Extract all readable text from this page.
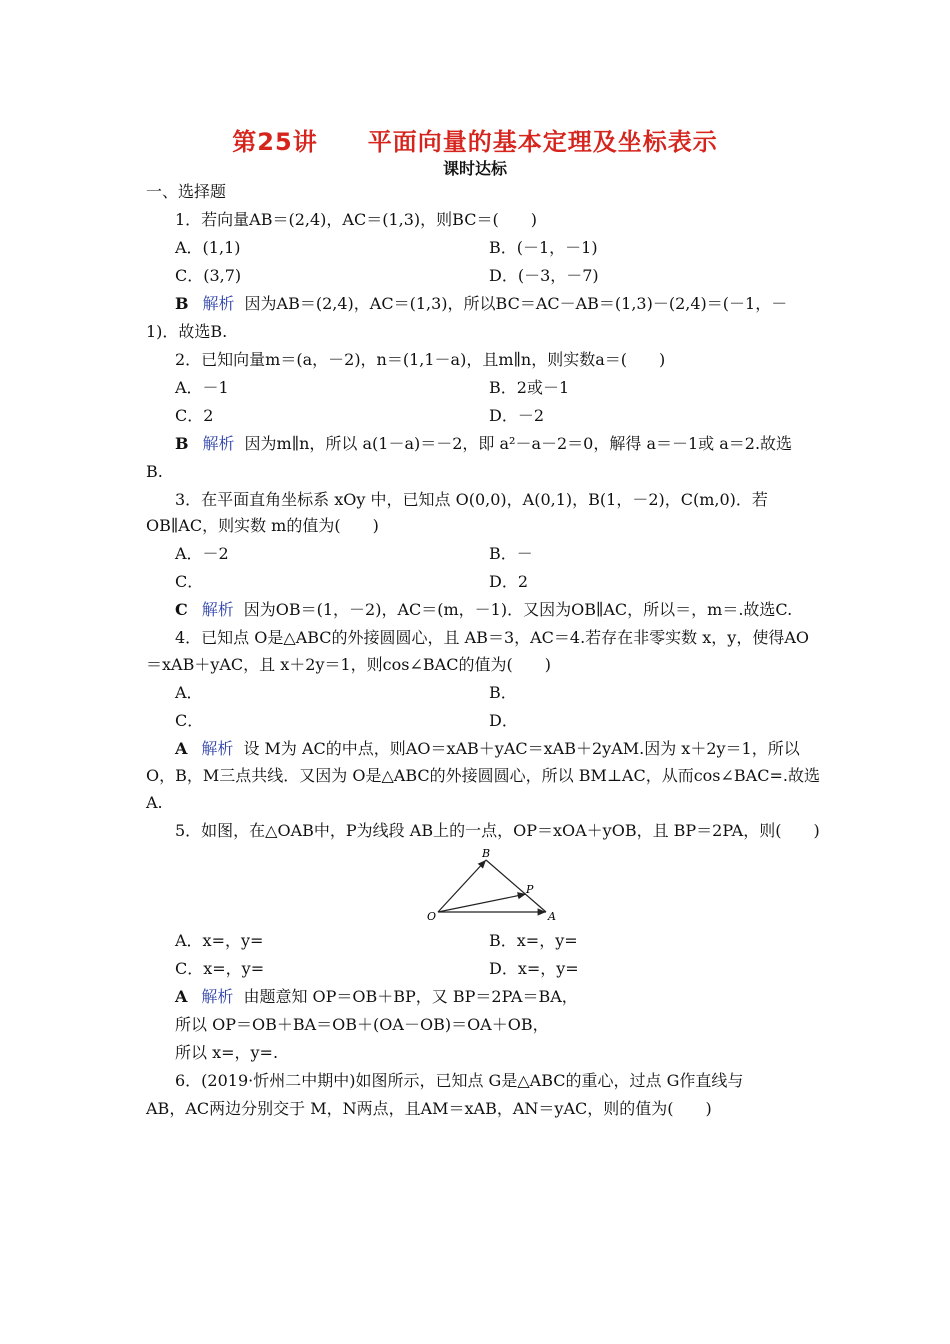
第25讲　　平面向量的基本定理及坐标表示
课时达标
一、选择题
1．若向量AB＝(2,4)，AC＝(1,3)，则BC＝(　　)
A．(1,1)	B．(－1，－1)
C．(3,7)	D．(－3，－7)
B 解析 因为AB＝(2,4)，AC＝(1,3)，所以BC＝AC－AB＝(1,3)－(2,4)＝(－1，－
1)．故选B.
2．已知向量m＝(a，－2)，n＝(1,1－a)，且m∥n，则实数a＝(　　)
A．－1	B．2或－1
C．2	D．－2
B 解析 因为m∥n，所以 a(1－a)＝－2，即 a²－a－2＝0，解得 a＝－1或 a＝2.故选
B.
3．在平面直角坐标系 xOy 中，已知点 O(0,0)，A(0,1)，B(1，－2)，C(m,0)．若
OB∥AC，则实数 m的值为(　　)
A．－2	B．－
C．	D．2
C 解析 因为OB＝(1，－2)，AC＝(m，－1)．又因为OB∥AC，所以＝，m＝.故选C.
4．已知点 O是△ABC的外接圆圆心，且 AB＝3，AC＝4.若存在非零实数 x，y，使得AO
＝xAB＋yAC，且 x＋2y＝1，则cos∠BAC的值为(　　)
A．	B．
C．	D．
A 解析 设 M为 AC的中点，则AO＝xAB＋yAC＝xAB＋2yAM.因为 x＋2y＝1，所以
O，B，M三点共线．又因为 O是△ABC的外接圆圆心，所以 BM⊥AC，从而cos∠BAC=.故选
A.
5．如图，在△OAB中，P为线段 AB上的一点，OP＝xOA＋yOB，且 BP＝2PA，则(　　)
B
P
O	A
A．x=，y=	B．x=，y=
C．x=，y=	D．x=，y=
A 解析 由题意知 OP＝OB＋BP，又 BP＝2PA＝BA，
所以 OP＝OB＋BA＝OB＋(OA－OB)＝OA＋OB，
所以 x=，y=.
6．(2019·忻州二中期中)如图所示，已知点 G是△ABC的重心，过点 G作直线与
AB，AC两边分别交于 M，N两点，且AM＝xAB，AN＝yAC，则的值为(　　)
